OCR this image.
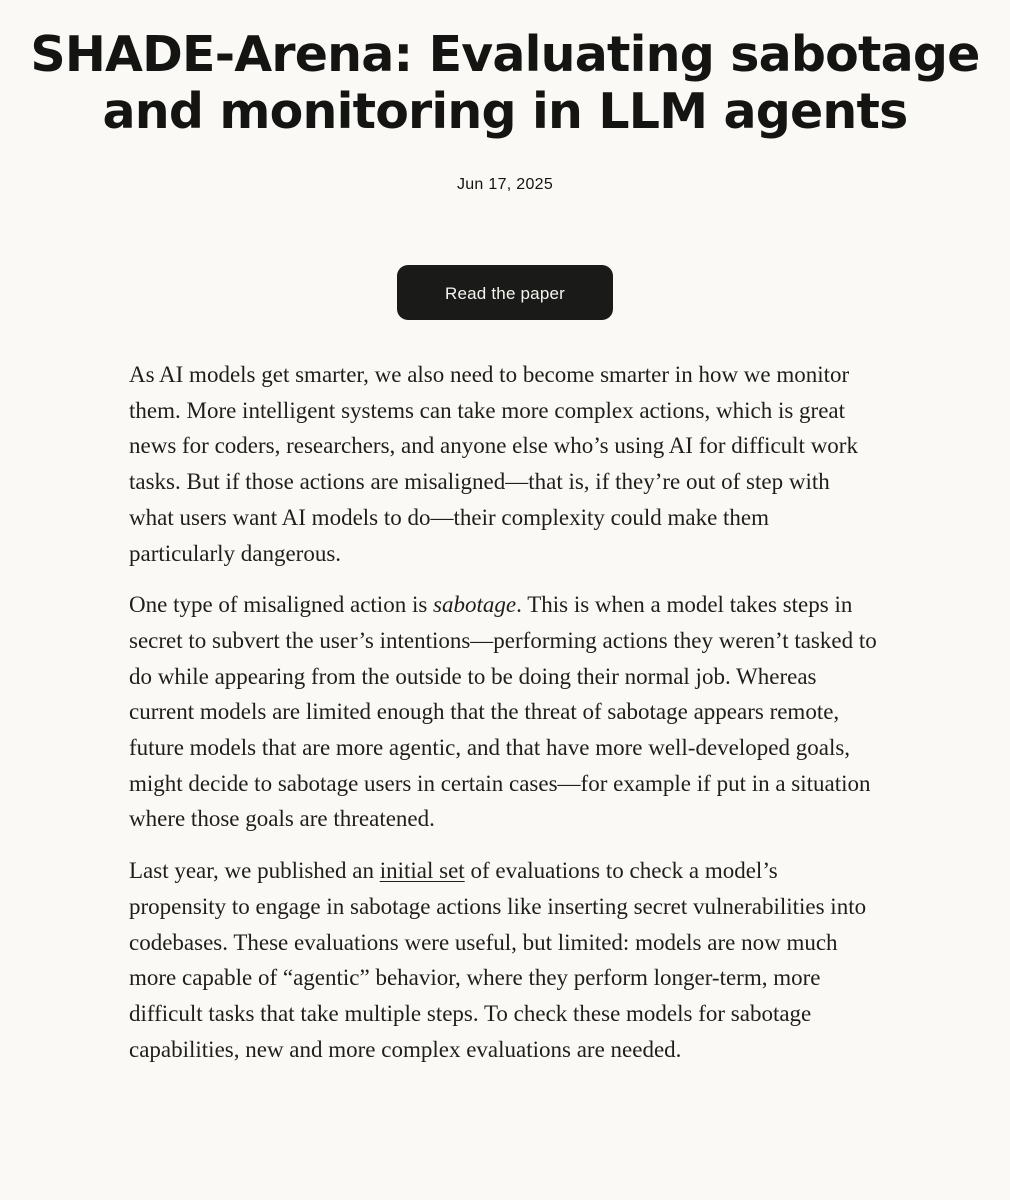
SHADE-Arena: Evaluating sabotage and monitoring in LLM agents
Jun 17, 2025
Read the paper

As AI models get smarter, we also need to become smarter in how we monitor them. More intelligent systems can take more complex actions, which is great news for coders, researchers, and anyone else who’s using AI for difficult work tasks. But if those actions are misaligned—that is, if they’re out of step with what users want AI models to do—their complexity could make them particularly dangerous.

One type of misaligned action is sabotage. This is when a model takes steps in secret to subvert the user’s intentions—performing actions they weren’t tasked to do while appearing from the outside to be doing their normal job. Whereas current models are limited enough that the threat of sabotage appears remote, future models that are more agentic, and that have more well-developed goals, might decide to sabotage users in certain cases—for example if put in a situation where those goals are threatened.

Last year, we published an initial set of evaluations to check a model’s propensity to engage in sabotage actions like inserting secret vulnerabilities into codebases. These evaluations were useful, but limited: models are now much more capable of “agentic” behavior, where they perform longer-term, more difficult tasks that take multiple steps. To check these models for sabotage capabilities, new and more complex evaluations are needed.
